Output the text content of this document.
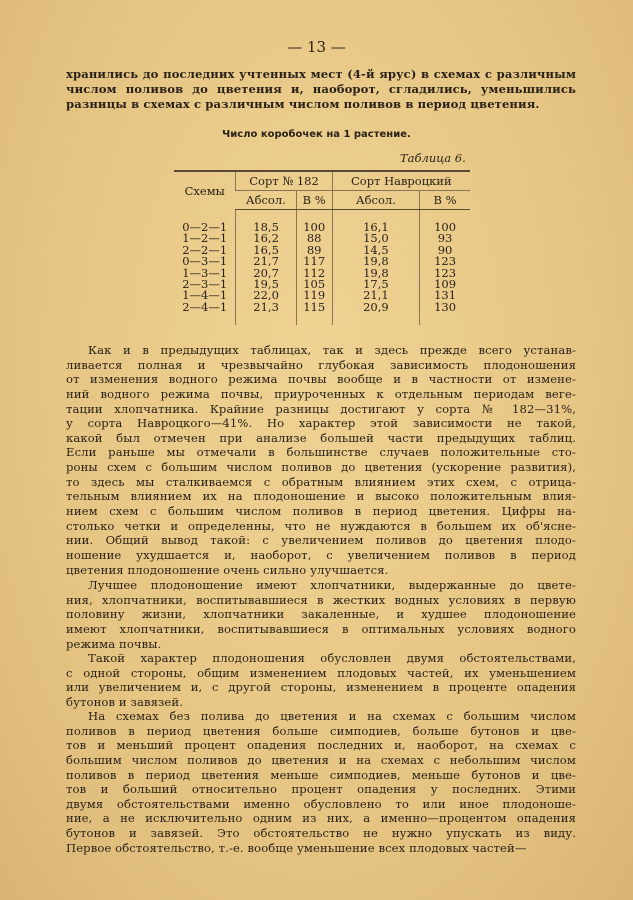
— 13 —
хранились до последних учтенных мест (4-й ярус) в схемах с различным
числом поливов до цветения и, наоборот, сгладились, уменьшились
разницы в схемах с различным числом поливов в период цветения.
Число коробочек на 1 растение.
Таблица 6.
Схемы	Сорт № 182		Сорт Навроцкий	
	Абсол.	В %	Абсол.	В %
0—2—1	18,5	100	16,1	100
1—2—1	16,2	88	15,0	93
2—2—1	16,5	89	14,5	90
0—3—1	21,7	117	19,8	123
1—3—1	20,7	112	19,8	123
2—3—1	19,5	105	17,5	109
1—4—1	22,0	119	21,1	131
2—4—1	21,3	115	20,9	130
Как и в предыдущих таблицах, так и здесь прежде всего устанав-
ливается полная и чрезвычайно глубокая зависимость плодоношения
от изменения водного режима почвы вообще и в частности от измене-
ний водного режима почвы, приуроченных к отдельным периодам веге-
тации хлопчатника. Крайние разницы достигают у сорта № 182—31%,
у сорта Навроцкого—41%. Но характер этой зависимости не такой,
какой был отмечен при анализе большей части предыдущих таблиц.
Если раньше мы отмечали в большинстве случаев положительные сто-
роны схем с большим числом поливов до цветения (ускорение развития),
то здесь мы сталкиваемся с обратным влиянием этих схем, с отрица-
тельным влиянием их на плодоношение и высоко положительным влия-
нием схем с большим числом поливов в период цветения. Цифры на-
столько четки и определенны, что не нуждаются в большем их об'ясне-
нии. Общий вывод такой: с увеличением поливов до цветения плодо-
ношение ухудшается и, наоборот, с увеличением поливов в период
цветения плодоношение очень сильно улучшается.
Лучшее плодоношение имеют хлопчатники, выдержанные до цвете-
ния, хлопчатники, воспитывавшиеся в жестких водных условиях в первую
половину жизни, хлопчатники закаленные, и худшее плодоношение
имеют хлопчатники, воспитывавшиеся в оптимальных условиях водного
режима почвы.
Такой характер плодоношения обусловлен двумя обстоятельствами,
с одной стороны, общим изменением плодовых частей, их уменьшением
или увеличением и, с другой стороны, изменением в проценте опадения
бутонов и завязей.
На схемах без полива до цветения и на схемах с большим числом
поливов в период цветения больше симподиев, больше бутонов и цве-
тов и меньший процент опадения последних и, наоборот, на схемах с
большим числом поливов до цветения и на схемах с небольшим числом
поливов в период цветения меньше симподиев, меньше бутонов и цве-
тов и больший относительно процент опадения у последних. Этими
двумя обстоятельствами именно обусловлено то или иное плодоноше-
ние, а не исключительно одним из них, а именно—процентом опадения
бутонов и завязей. Это обстоятельство не нужно упускать из виду.
Первое обстоятельство, т.-е. вообще уменьшение всех плодовых частей—
